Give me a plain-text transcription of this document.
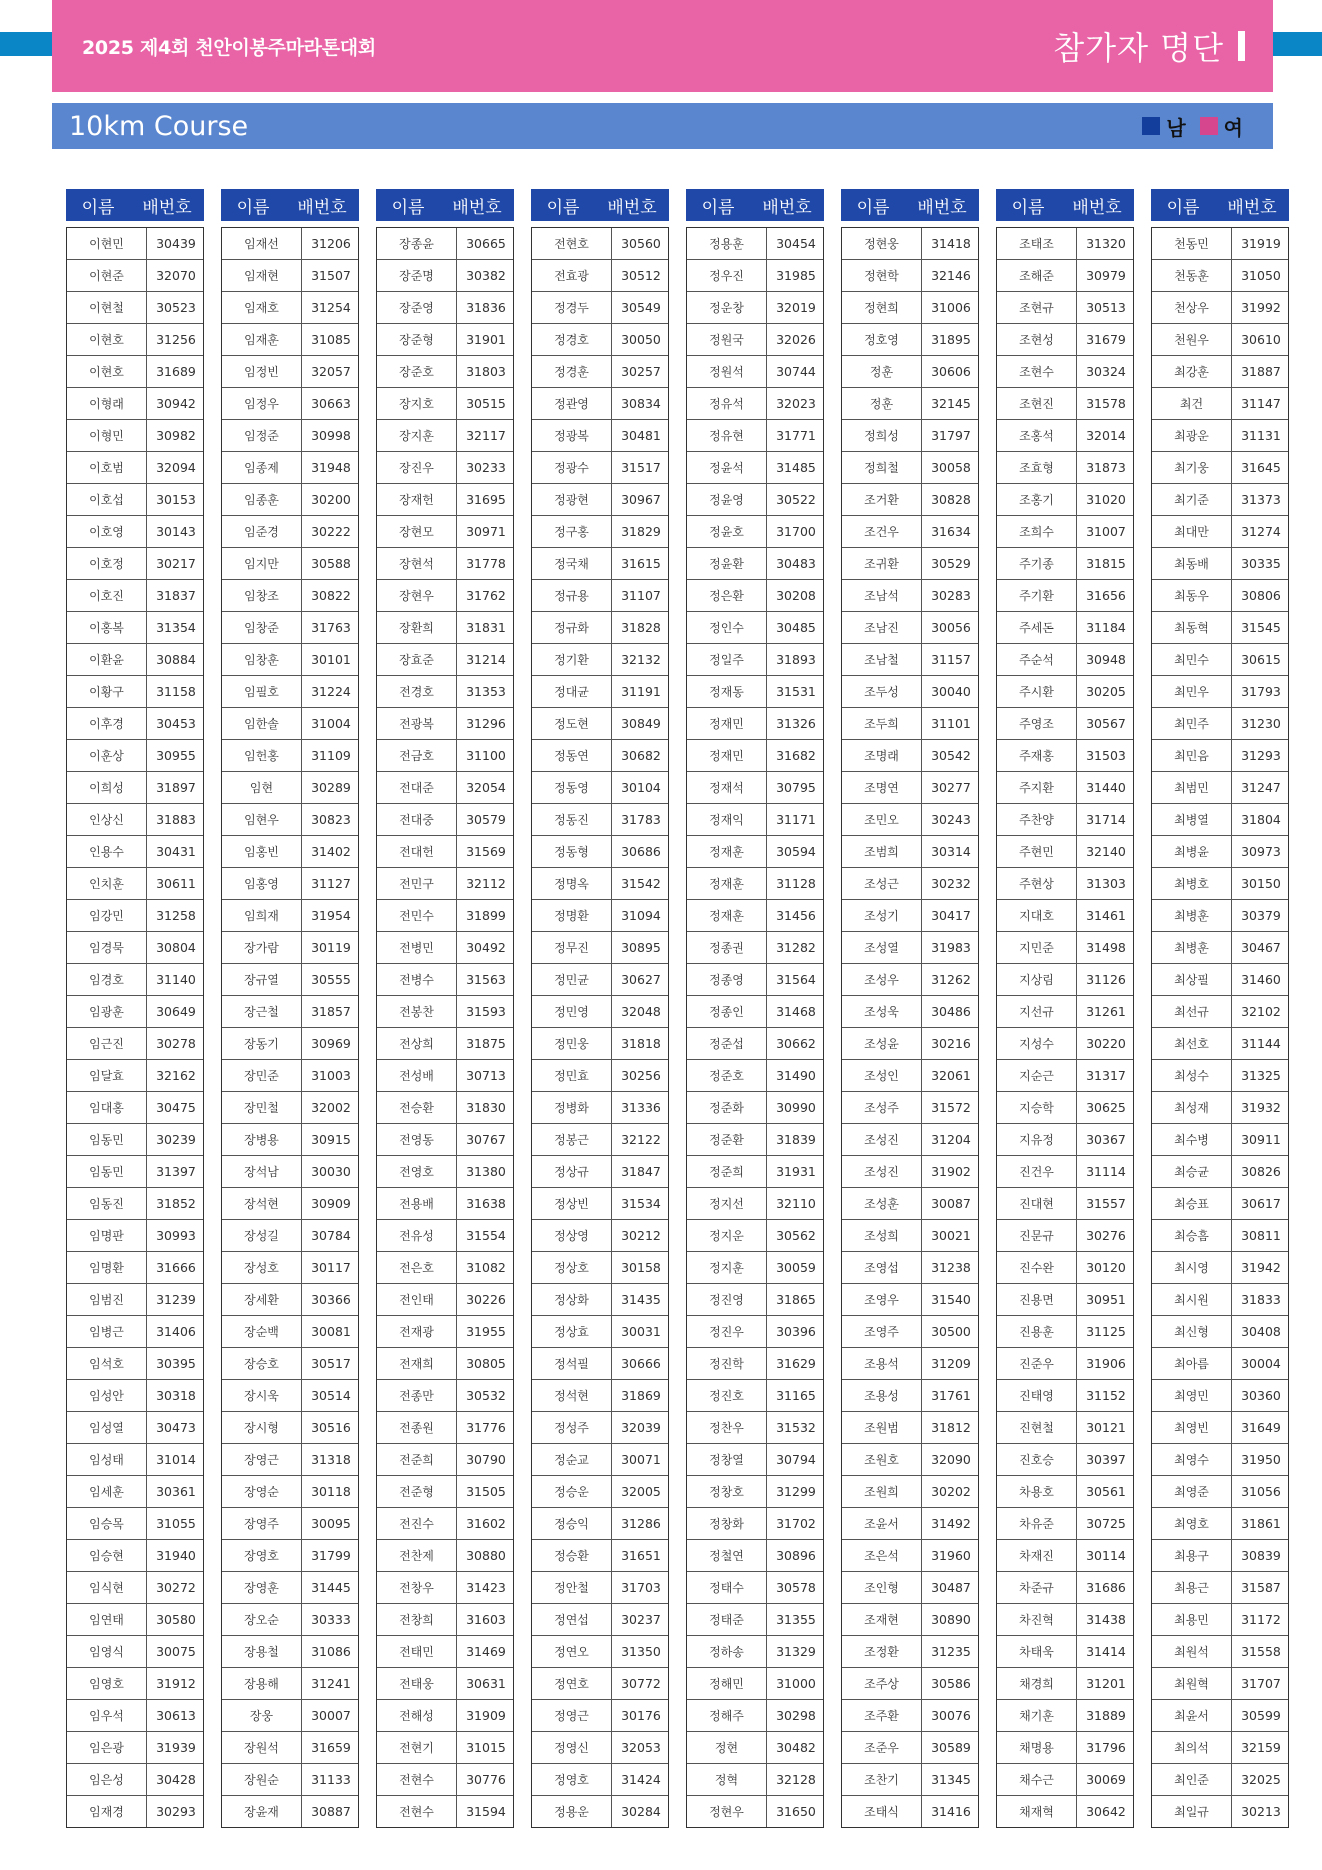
2025 제4회 천안이봉주마라톤대회	참가자 명단
10km Course	남 여
이름	배번호
이현민	30439
이현준	32070
이현철	30523
이현호	31256
이현호	31689
이형래	30942
이형민	30982
이호범	32094
이호섭	30153
이호영	30143
이호정	30217
이호진	31837
이홍복	31354
이환윤	30884
이황구	31158
이후경	30453
이훈상	30955
이희성	31897
인상신	31883
인용수	30431
인치훈	30611
임강민	31258
임경묵	30804
임경호	31140
임광훈	30649
임근진	30278
임달효	32162
임대홍	30475
임동민	30239
임동민	31397
임동진	31852
임명판	30993
임명환	31666
임범진	31239
임병근	31406
임석호	30395
임성안	30318
임성열	30473
임성태	31014
임세훈	30361
임승목	31055
임승현	31940
임식현	30272
임연태	30580
임영식	30075
임영호	31912
임우석	30613
임은광	31939
임은성	30428
임재경	30293
이름	배번호
임재선	31206
임재현	31507
임재호	31254
임재훈	31085
임정빈	32057
임정우	30663
임정준	30998
임종제	31948
임종훈	30200
임준경	30222
임지만	30588
임창조	30822
임창준	31763
임창훈	30101
임필호	31224
임한솔	31004
임헌홍	31109
임현	30289
임현우	30823
임홍빈	31402
임홍영	31127
임희재	31954
장가람	30119
장규열	30555
장근철	31857
장동기	30969
장민준	31003
장민철	32002
장병용	30915
장석남	30030
장석현	30909
장성길	30784
장성호	30117
장세환	30366
장순백	30081
장승호	30517
장시욱	30514
장시형	30516
장영근	31318
장영순	30118
장영주	30095
장영호	31799
장영훈	31445
장오순	30333
장용철	31086
장용해	31241
장웅	30007
장원석	31659
장원순	31133
장윤재	30887
이름	배번호
장종윤	30665
장준명	30382
장준영	31836
장준형	31901
장준호	31803
장지호	30515
장지훈	32117
장진우	30233
장재헌	31695
장현모	30971
장현석	31778
장현우	31762
장환희	31831
장효준	31214
전경호	31353
전광복	31296
전금호	31100
전대준	32054
전대중	30579
전대헌	31569
전민구	32112
전민수	31899
전병민	30492
전병수	31563
전봉찬	31593
전상희	31875
전성배	30713
전승환	31830
전영동	30767
전영호	31380
전용배	31638
전유성	31554
전은호	31082
전인태	30226
전재광	31955
전재희	30805
전종만	30532
전종원	31776
전준희	30790
전준형	31505
전진수	31602
전찬제	30880
전창우	31423
전창희	31603
전태민	31469
전태웅	30631
전해성	31909
전현기	31015
전현수	30776
전현수	31594
이름	배번호
전현호	30560
전효광	30512
정경두	30549
정경호	30050
정경훈	30257
정관영	30834
정광복	30481
정광수	31517
정광현	30967
정구홍	31829
정국채	31615
정규용	31107
정규화	31828
정기환	32132
정대균	31191
정도현	30849
정동연	30682
정동영	30104
정동진	31783
정동형	30686
정명옥	31542
정명환	31094
정무진	30895
정민균	30627
정민영	32048
정민웅	31818
정민효	30256
정병화	31336
정봉근	32122
정상규	31847
정상빈	31534
정상영	30212
정상호	30158
정상화	31435
정상효	30031
정석필	30666
정석현	31869
정성주	32039
정순교	30071
정승운	32005
정승익	31286
정승환	31651
정안철	31703
정연섭	30237
정연오	31350
정연호	30772
정영근	30176
정영신	32053
정영호	31424
정용운	30284
이름	배번호
정용훈	30454
정우진	31985
정운창	32019
정원국	32026
정원석	30744
정유석	32023
정유현	31771
정윤석	31485
정윤영	30522
정윤호	31700
정윤환	30483
정은환	30208
정인수	30485
정일주	31893
정재동	31531
정재민	31326
정재민	31682
정재석	30795
정재익	31171
정재훈	30594
정재훈	31128
정재훈	31456
정종권	31282
정종영	31564
정종인	31468
정준섭	30662
정준호	31490
정준화	30990
정준환	31839
정준희	31931
정지선	32110
정지운	30562
정지훈	30059
정진영	31865
정진우	30396
정진학	31629
정진호	31165
정찬우	31532
정창열	30794
정창호	31299
정창화	31702
정철연	30896
정태수	30578
정태준	31355
정하송	31329
정해민	31000
정해주	30298
정현	30482
정혁	32128
정현우	31650
이름	배번호
정현웅	31418
정현학	32146
정현희	31006
정호영	31895
정훈	30606
정훈	32145
정희성	31797
정희철	30058
조거환	30828
조건우	31634
조귀환	30529
조남석	30283
조남진	30056
조남철	31157
조두성	30040
조두희	31101
조명래	30542
조명연	30277
조민오	30243
조범희	30314
조성근	30232
조성기	30417
조성열	31983
조성우	31262
조성욱	30486
조성윤	30216
조성인	32061
조성주	31572
조성진	31204
조성진	31902
조성훈	30087
조성희	30021
조영섭	31238
조영우	31540
조영주	30500
조용석	31209
조용성	31761
조원범	31812
조원호	32090
조원희	30202
조윤서	31492
조은석	31960
조인형	30487
조재현	30890
조정환	31235
조주상	30586
조주환	30076
조준우	30589
조찬기	31345
조태식	31416
이름	배번호
조태조	31320
조해준	30979
조현규	30513
조현성	31679
조현수	30324
조현진	31578
조홍석	32014
조효형	31873
조홍기	31020
조희수	31007
주기종	31815
주기환	31656
주세돈	31184
주순석	30948
주시환	30205
주영조	30567
주재홍	31503
주지환	31440
주찬양	31714
주현민	32140
주현상	31303
지대호	31461
지민준	31498
지상림	31126
지선규	31261
지성수	30220
지순근	31317
지승학	30625
지유정	30367
진건우	31114
진대현	31557
진문규	30276
진수완	30120
진용면	30951
진용훈	31125
진준우	31906
진태영	31152
진현철	30121
진호승	30397
차용호	30561
차유준	30725
차재진	30114
차준규	31686
차진혁	31438
차태욱	31414
채경희	31201
채기훈	31889
채명용	31796
채수근	30069
채재혁	30642
이름	배번호
천동민	31919
천동훈	31050
천상우	31992
천원우	30610
최강훈	31887
최건	31147
최광운	31131
최기웅	31645
최기준	31373
최대만	31274
최동배	30335
최동우	30806
최동혁	31545
최민수	30615
최민우	31793
최민주	31230
최민음	31293
최범민	31247
최병열	31804
최병윤	30973
최병호	30150
최병훈	30379
최병훈	30467
최상필	31460
최선규	32102
최선호	31144
최성수	31325
최성재	31932
최수병	30911
최승균	30826
최승표	30617
최승흠	30811
최시영	31942
최시원	31833
최신형	30408
최아름	30004
최영민	30360
최영빈	31649
최영수	31950
최영준	31056
최영호	31861
최용구	30839
최용근	31587
최용민	31172
최원석	31558
최원혁	31707
최윤서	30599
최의석	32159
최인준	32025
최일규	30213
